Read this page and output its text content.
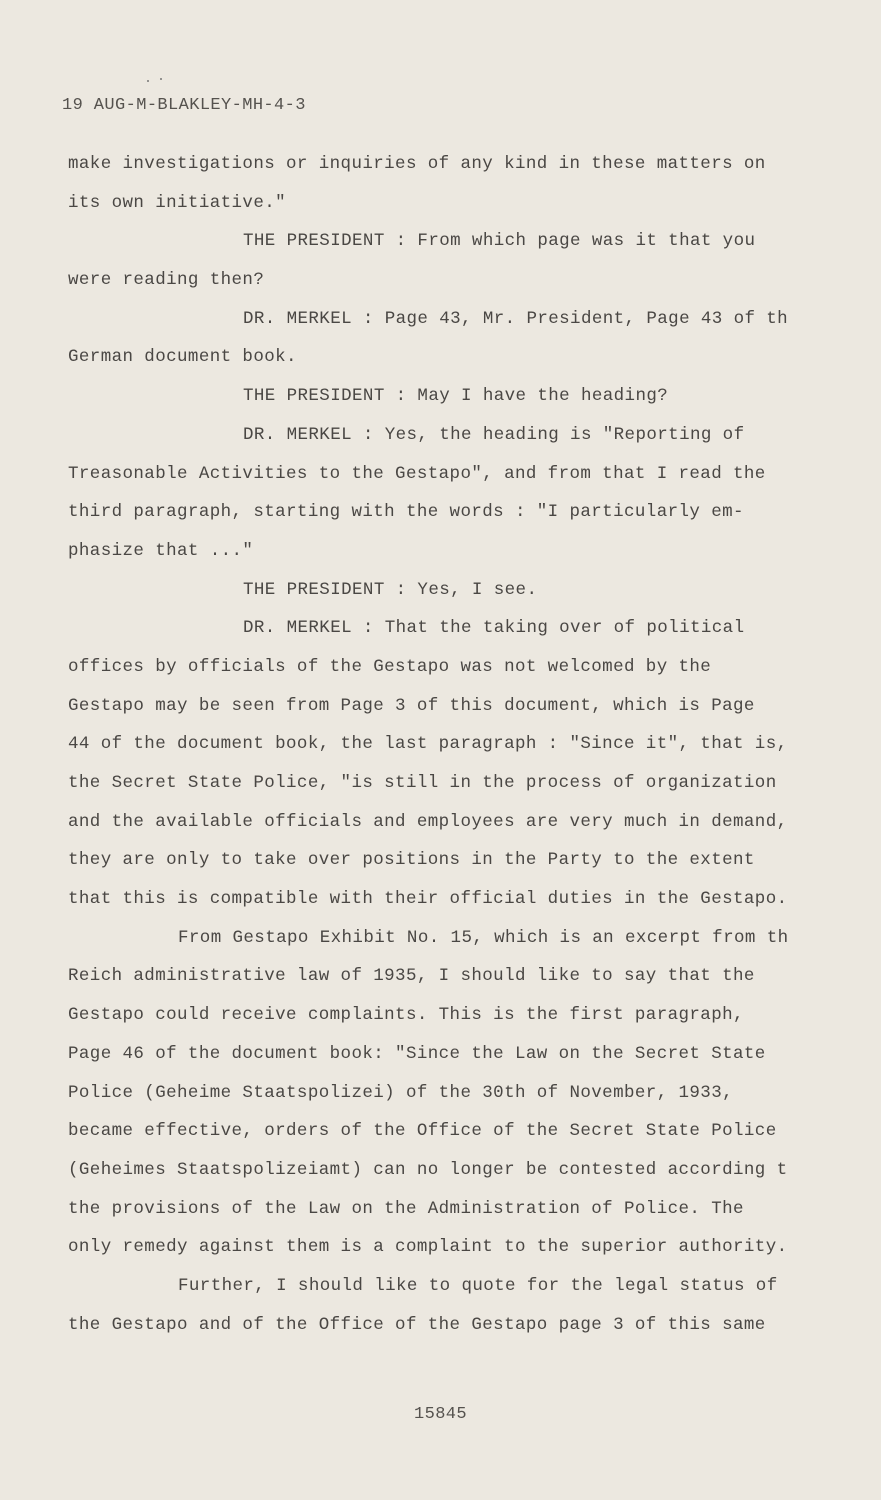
19 AUG-M-BLAKLEY-MH-4-3
make investigations or inquiries of any kind in these matters on
its own initiative."
THE PRESIDENT : From which page was it that you
were reading then?
DR. MERKEL : Page 43, Mr. President, Page 43 of th
German document book.
THE PRESIDENT : May I have the heading?
DR. MERKEL : Yes, the heading is "Reporting of
Treasonable Activities to the Gestapo", and from that I read the
third paragraph, starting with the words : "I particularly em-
phasize that ..."
THE PRESIDENT : Yes, I see.
DR. MERKEL : That the taking over of political
offices by officials of the Gestapo was not welcomed by the
Gestapo may be seen from Page 3 of this document, which is Page
44 of the document book, the last paragraph : "Since it", that is,
the Secret State Police, "is still in the process of organization
and the available officials and employees are very much in demand,
they are only to take over positions in the Party to the extent
that this is compatible with their official duties in the Gestapo.
From Gestapo Exhibit No. 15, which is an excerpt from th
Reich administrative law of 1935, I should like to say that the
Gestapo could receive complaints. This is the first paragraph,
Page 46 of the document book: "Since the Law on the Secret State
Police (Geheime Staatspolizei) of the 30th of November, 1933,
became effective, orders of the Office of the Secret State Police
(Geheimes Staatspolizeiamt) can no longer be contested according t
the provisions of the Law on the Administration of Police. The
only remedy against them is a complaint to the superior authority.
Further, I should like to quote for the legal status of
the Gestapo and of the Office of the Gestapo page 3 of this same
15845
